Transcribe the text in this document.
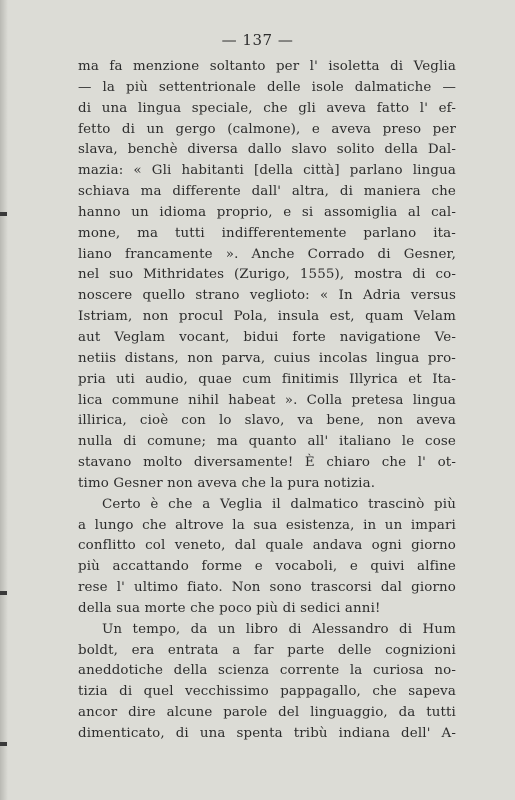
— 137 —
ma fa menzione soltanto per l' isoletta di Veglia
— la più settentrionale delle isole dalmatiche —
di una lingua speciale, che gli aveva fatto l' ef-
fetto di un gergo (calmone), e aveva preso per
slava, benchè diversa dallo slavo solito della Dal-
mazia: « Gli habitanti [della città] parlano lingua
schiava ma differente dall' altra, di maniera che
hanno un idioma proprio, e si assomiglia al cal-
mone, ma tutti indifferentemente parlano ita-
liano francamente ». Anche Corrado di Gesner,
nel suo Mithridates (Zurigo, 1555), mostra di co-
noscere quello strano veglioto: « In Adria versus
Istriam, non procul Pola, insula est, quam Velam
aut Veglam vocant, bidui forte navigatione Ve-
netiis distans, non parva, cuius incolas lingua pro-
pria uti audio, quae cum finitimis Illyrica et Ita-
lica commune nihil habeat ». Colla pretesa lingua
illirica, cioè con lo slavo, va bene, non aveva
nulla di comune; ma quanto all' italiano le cose
stavano molto diversamente! È chiaro che l' ot-
timo Gesner non aveva che la pura notizia.
Certo è che a Veglia il dalmatico trascinò più
a lungo che altrove la sua esistenza, in un impari
conflitto col veneto, dal quale andava ogni giorno
più accattando forme e vocaboli, e quivi alfine
rese l' ultimo fiato. Non sono trascorsi dal giorno
della sua morte che poco più di sedici anni!
Un tempo, da un libro di Alessandro di Hum
boldt, era entrata a far parte delle cognizioni
aneddotiche della scienza corrente la curiosa no-
tizia di quel vecchissimo pappagallo, che sapeva
ancor dire alcune parole del linguaggio, da tutti
dimenticato, di una spenta tribù indiana dell' A-
